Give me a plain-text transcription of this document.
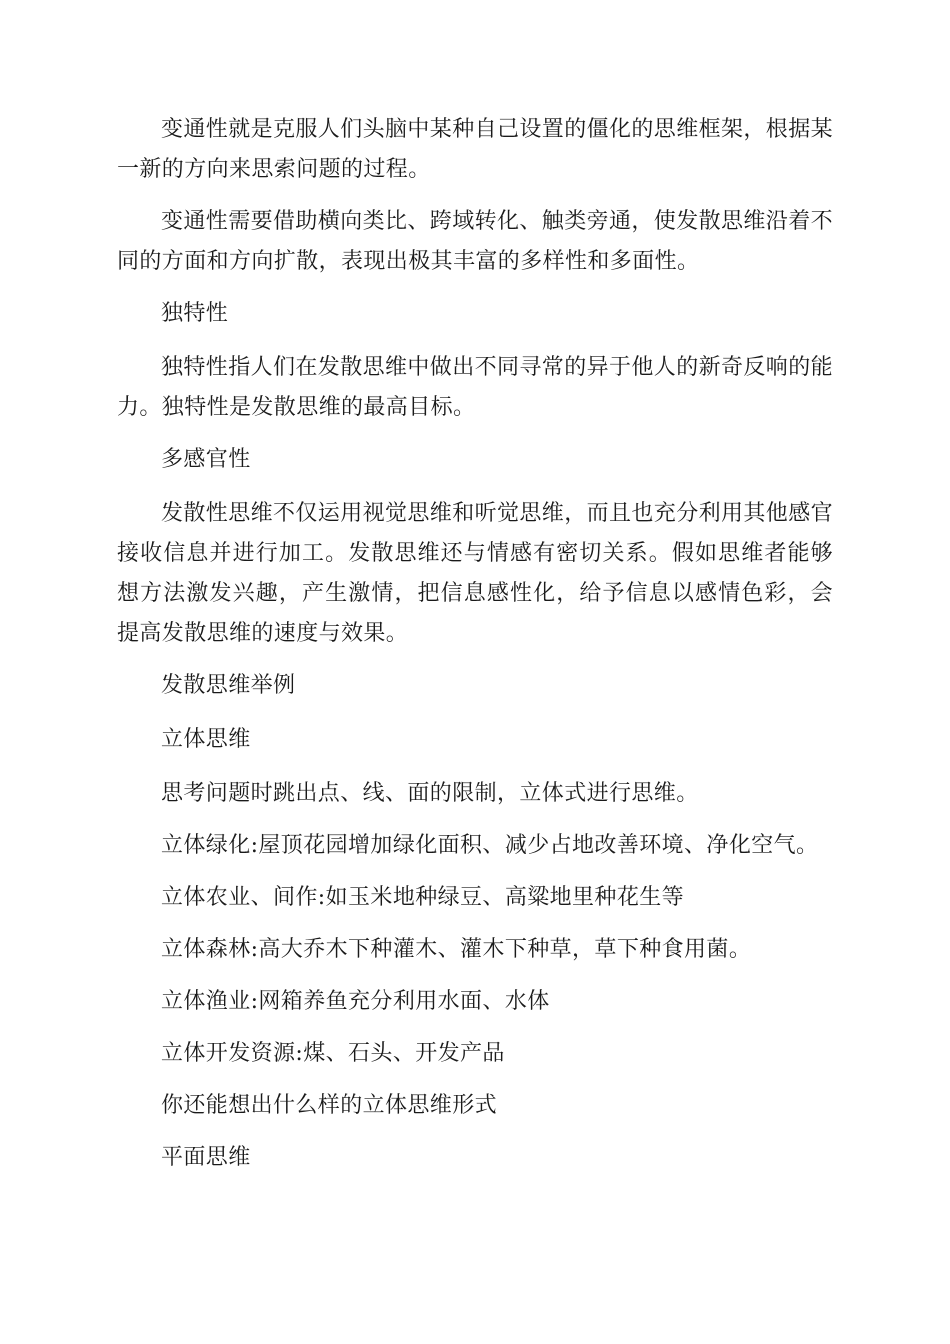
变通性就是克服人们头脑中某种自己设置的僵化的思维框架，根据某一新的方向来思索问题的过程。

变通性需要借助横向类比、跨域转化、触类旁通，使发散思维沿着不同的方面和方向扩散，表现出极其丰富的多样性和多面性。

独特性

独特性指人们在发散思维中做出不同寻常的异于他人的新奇反响的能力。独特性是发散思维的最高目标。

多感官性

发散性思维不仅运用视觉思维和听觉思维，而且也充分利用其他感官接收信息并进行加工。发散思维还与情感有密切关系。假如思维者能够想方法激发兴趣，产生激情，把信息感性化，给予信息以感情色彩，会提高发散思维的速度与效果。

发散思维举例

立体思维

思考问题时跳出点、线、面的限制，立体式进行思维。

立体绿化:屋顶花园增加绿化面积、减少占地改善环境、净化空气。

立体农业、间作:如玉米地种绿豆、高粱地里种花生等

立体森林:高大乔木下种灌木、灌木下种草，草下种食用菌。

立体渔业:网箱养鱼充分利用水面、水体

立体开发资源:煤、石头、开发产品

你还能想出什么样的立体思维形式

平面思维
